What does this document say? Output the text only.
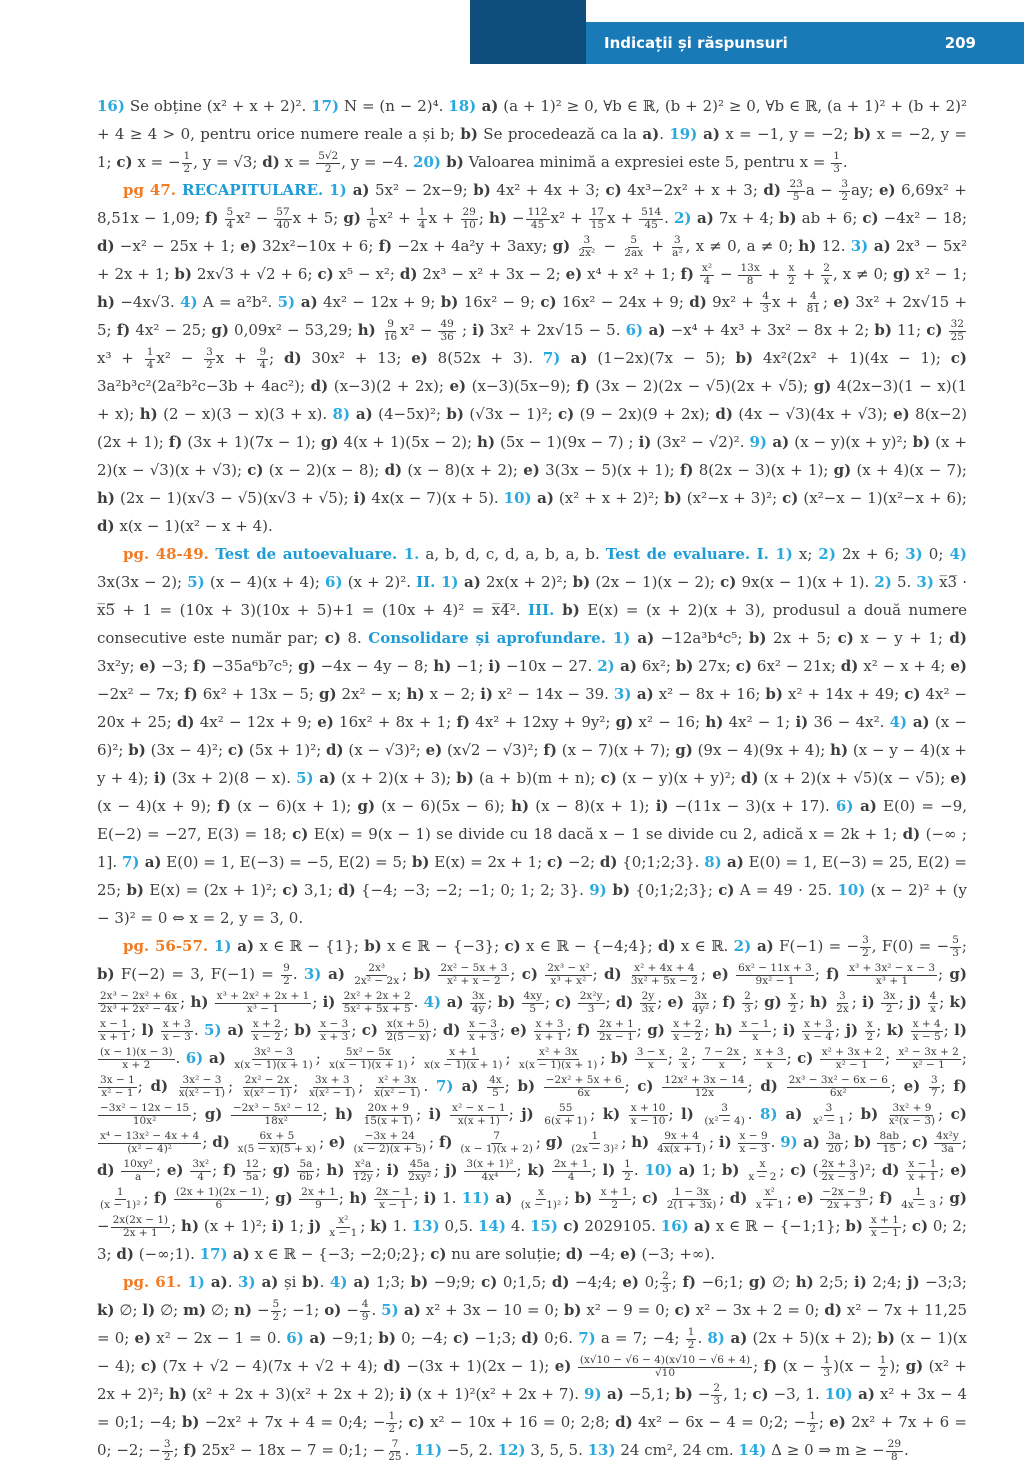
Indicații și răspunsuri	209

16) Se obține (x² + x + 2)². 17) N = (n − 2)⁴. 18) a) (a + 1)² ≥ 0, ∀b ∈ ℝ, (b + 2)² ≥ 0, ∀b ∈ ℝ, (a + 1)² + (b + 2)² + 4 ≥ 4 > 0, pentru orice numere reale a și b; b) Se procedează ca la a). 19) a) x = −1, y = −2; b) x = −2, y = 1; c) x = − $\frac{1}{2}$ , y = √3; d) $x = \frac{5√2}{2}$ , y = −4. 20) b) Valoarea minimă a expresiei este 5, pentru $x = \frac{1}{3}$ .

pg 47. RECAPITULARE. 1) a) 5x² − 2x−9; b) 4x² + 4x + 3; c) 4x³−2x² + x + 3; $d) \frac{23}{5}$ $a - \frac{3}{2}$ ay; e) 6,69x² + 8,51x − 1,09; $f) \frac{5}{4} x^2 - \frac{57}{40}$ x + 5; $g) \frac{1}{6} x^2 + \frac{1}{4}$ $x + \frac{29}{10}$ ; $h) - \frac{112}{45} x^2 + \frac{17}{15}$ $x + \frac{514}{45}$ . 2) a) 7x + 4; b) ab + 6; c) −4x² − 18; d) −x² − 25x + 1; e) 32x²−10x + 6; f) −2x + 4a²y + 3axy; $g) \frac{3}{\text{2x²}} - \frac{5}{2ax} + \frac{3}{\text{a²}}$ , x ≠ 0, a ≠ 0; h) 12. 3) a) 2x³ − 5x² + 2x + 1; b) 2x√3 + √2 + 6; c) x⁵ − x²; d) 2x³ − x² + 3x − 2; e) x⁴ + x² + 1; $f) \frac{\text{x²}}{4} - \frac{13x}{8} + \frac{x}{2} + \frac{2}{x}$ , x ≠ 0; g) x² − 1; h) −4x√3. 4) A = a²b². 5) a) 4x² − 12x + 9; b) 16x² − 9; c) 16x² − 24x + 9; d) $9x^2 + \frac{4}{3}$ $x + \frac{4}{81}$ ; e) 3x² + 2x√15 + 5; f) 4x² − 25; g) 0,09x² − 53,29; $h) \frac{9}{16} x^2 - \frac{49}{36}$ ; i) 3x² + 2x√15 − 5. 6) a) −x⁴ + 4x³ + 3x² − 8x + 2; b) 11; $c) \frac{32}{25}$
$x^3 + \frac{1}{4} x^2 - \frac{3}{2}$ $x + \frac{9}{4}$ ; d) 30x² + 13; e) 8(52x + 3). 7) a) (1−2x)(7x − 5); b) 4x²(2x² + 1)(4x − 1); c) 3a²b³c²(2a²b²c−3b + 4ac²); d) (x−3)(2 + 2x); e) (x−3)(5x−9); f) (3x − 2)(2x − √5)(2x + √5); g) 4(2x−3)(1 − x)(1 + x); h) (2 − x)(3 − x)(3 + x). 8) a) (4−5x)²; b) (√3x − 1)²; c) (9 − 2x)(9 + 2x); d) (4x − √3)(4x + √3); e) 8(x−2)(2x + 1); f) (3x + 1)(7x − 1); g) 4(x + 1)(5x − 2); h) (5x − 1)(9x − 7) ; i) (3x² − √2)². 9) a) (x − y)(x + y)²; b) (x + 2)(x − √3)(x + √3); c) (x − 2)(x − 8); d) (x − 8)(x + 2); e) 3(3x − 5)(x + 1); f) 8(2x − 3)(x + 1); g) (x + 4)(x − 7); h) (2x − 1)(x√3 − √5)(x√3 + √5); i) 4x(x − 7)(x + 5). 10) a) (x² + x + 2)²; b) (x²−x + 3)²; c) (x²−x − 1)(x²−x + 6); d) x(x − 1)(x² − x + 4).

pg. 48-49. Test de autoevaluare. 1. a, b, d, c, d, a, b, a, b. Test de evaluare. I. 1) x; 2) 2x + 6; 3) 0; 4) 3x(3x − 2); 5) (x − 4)(x + 4); 6) (x + 2)². II. 1) a) 2x(x + 2)²; b) (2x − 1)(x − 2); c) 9x(x − 1)(x + 1). 2) 5. 3) x̅3̅ · x̅5̅ + 1 = (10x + 3)(10x + 5)+1 = (10x + 4)² = x̅4̅². III. b) E(x) = (x + 2)(x + 3), produsul a două numere consecutive este număr par; c) 8. Consolidare și aprofundare. 1) a) −12a³b⁴c⁵; b) 2x + 5; c) x − y + 1; d) 3x²y; e) −3; f) −35a⁶b⁷c⁵; g) −4x − 4y − 8; h) −1; i) −10x − 27. 2) a) 6x²; b) 27x; c) 6x² − 21x; d) x² − x + 4; e) −2x² − 7x; f) 6x² + 13x − 5; g) 2x² − x; h) x − 2; i) x² − 14x − 39. 3) a) x² − 8x + 16; b) x² + 14x + 49; c) 4x² − 20x + 25; d) 4x² − 12x + 9; e) 16x² + 8x + 1; f) 4x² + 12xy + 9y²; g) x² − 16; h) 4x² − 1; i) 36 − 4x². 4) a) (x − 6)²; b) (3x − 4)²; c) (5x + 1)²; d) (x − √3)²; e) (x√2 − √3)²; f) (x − 7)(x + 7); g) (9x − 4)(9x + 4); h) (x − y − 4)(x + y + 4); i) (3x + 2)(8 − x). 5) a) (x + 2)(x + 3); b) (a + b)(m + n); c) (x − y)(x + y)²; d) (x + 2)(x + √5)(x − √5); e) (x − 4)(x + 9); f) (x − 6)(x + 1); g) (x − 6)(5x − 6); h) (x − 8)(x + 1); i) −(11x − 3)(x + 17). 6) a) E(0) = −9, E(−2) = −27, E(3) = 18; c) E(x) = 9(x − 1) se divide cu 18 dacă x − 1 se divide cu 2, adică x = 2k + 1; d) (−∞ ; 1]. 7) a) E(0) = 1, E(−3) = −5, E(2) = 5; b) E(x) = 2x + 1; c) −2; d) {0;1;2;3}. 8) a) E(0) = 1, E(−3) = 25, E(2) = 25; b) E(x) = (2x + 1)²; c) 3,1; d) {−4; −3; −2; −1; 0; 1; 2; 3}. 9) b) {0;1;2;3}; c) A = 49 · 25. 10) (x − 2)² + (y − 3)² = 0 ⇔ x = 2, y = 3, 0.

pg. 56-57. 1) a) x ∈ ℝ − {1}; b) x ∈ ℝ − {−3}; c) x ∈ ℝ − {−4;4}; d) x ∈ ℝ. 2) a) F(−1) = − $\frac{3}{2}$ , F(0) = − $\frac{5}{3}$ ; b) F(−2) = 3, $F(-1) = \frac{9}{2}$ . 3) $a) \frac{\text{2x³}}{\text{2x² − 2x}}$ ; $b) \frac{\text{2x² − 5x + 3}}{\text{x² + x − 2}}$ ; $c) \frac{\text{2x³ − x²}}{\text{x³ + x²}}$ ; $d) \frac{\text{x² + 4x + 4}}{\text{3x² + 5x − 2}}$ ; $e) \frac{\text{6x² − 11x + 3}}{\text{9x² − 1}}$ ; $f) \frac{\text{x³ + 3x² − x − 3}}{\text{x³ + 1}}$ ; g)
$\frac{\text{2x³ − 2x² + 6x}}{\text{2x³ + 2x² − 4x}}$ ; $h) \frac{\text{x³ + 2x² + 2x + 1}}{\text{x³ − 1}}$ ; $i) \frac{\text{2x² + 2x + 2}}{\text{5x² + 5x + 5}}$ . 4) $a) \frac{3x}{4y}$ ; $b) \frac{4xy}{5}$ ; $c) \frac{\text{2x²y}}{3}$ ; $d) \frac{2y}{3x}$ ; $e) \frac{3x}{\text{4y²}}$ ; $f) \frac{2}{3}$ ; $g) \frac{x}{2}$ ; $h) \frac{3}{2x}$ ; $i) \frac{3x}{2}$ ; $j) \frac{4}{x}$ ; k)
$\frac{x - 1}{x + 1}$ ; $l) \frac{x + 3}{x - 3}$ . 5) $a) \frac{x + 2}{x - 2}$ ; $b) \frac{x - 3}{x + 3}$ ; $c) \frac{x(x + 5)}{2(5 - x)}$ ; $d) \frac{x - 3}{x + 3}$ ; $e) \frac{x + 3}{x + 1}$ ; $f) \frac{2x + 1}{2x - 1}$ ; $g) \frac{x + 2}{x - 2}$ ; $h) \frac{x - 1}{x}$ ; $i) \frac{x + 3}{x - 4}$ ; $j) \frac{x}{2}$ ; $k) \frac{x + 4}{x - 5}$ ; l)
$\frac{(x - 1)(x - 3)}{x + 2}$ . 6) $a) \frac{\text{3x² − 3}}{x(x - 1)(x + 1)}$ ; $\frac{\text{5x² − 5x}}{x(x - 1)(x + 1)}$ ; $\frac{x + 1}{x(x - 1)(x + 1)}$ ; $\frac{\text{x² + 3x}}{x(x - 1)(x + 1)}$ ; $b) \frac{3 - x}{x}$ ; $\frac{2}{x}$ ; $\frac{7 - 2x}{x}$ ; $\frac{x + 3}{x}$ ; $c) \frac{\text{x² + 3x + 2}}{\text{x² − 1}}$ ; $\frac{\text{x² − 3x + 2}}{\text{x² − 1}}$ ;
$\frac{3x - 1}{\text{x² − 1}}$ ; $d) \frac{\text{3x² − 3}}{\text{x(x² − 1)}}$ ; $\frac{\text{2x² − 2x}}{\text{x(x² − 1)}}$ ; $\frac{3x + 3}{\text{x(x² − 1)}}$ ; $\frac{\text{x² + 3x}}{\text{x(x² − 1)}}$ . 7) $a) \frac{4x}{5}$ ; $b) \frac{\text{−2x² + 5x + 6}}{6x}$ ; $c) \frac{\text{12x² + 3x − 14}}{12x}$ ; $d) \frac{\text{2x³ − 3x² − 6x − 6}}{\text{6x²}}$ ; $e) \frac{3}{7}$ ; f)
$\frac{\text{−3x² − 12x − 15}}{\text{10x²}}$ ; $g) \frac{\text{−2x³ − 5x² − 12}}{\text{18x²}}$ ; $h) \frac{20x + 9}{15(x + 1)}$ ; $i) \frac{\text{x² − x − 1}}{x(x + 1)}$ ; $j) \frac{55}{6(x + 1)}$ ; $k) \frac{x + 10}{x - 10}$ ; $l) \frac{3}{\text{(x² − 4)}}$ . 8) $a) \frac{3}{\text{x² − 1}}$ ; $b) \frac{\text{3x² + 9}}{\text{x²(x − 3)}}$ ; c)
$\frac{\text{x⁴ − 13x² − 4x + 4}}{\text{(x² − 4)²}}$ ; $d) \frac{6x + 5}{x(5 - x)(5 + x)}$ ; $e) \frac{-3x + 24}{(x - 2)(x + 5)}$ ; $f) \frac{7}{(x - 1)(x + 2)}$ ; $g) \frac{1}{\text{(2x − 3)²}}$ ; $h) \frac{9x + 4}{4x(x + 1)}$ ; $i) \frac{x - 9}{x - 3}$ . 9) $a) \frac{3a}{20}$ ; $b) \frac{8ab}{15}$ ; $c) \frac{\text{4x²y}}{3a}$ ; $d) \frac{\text{10xy²}}{a}$ ; $e) \frac{\text{3x²}}{4}$ ; $f) \frac{12}{5a}$ ; $g) \frac{5a}{6b}$ ; $h) \frac{\text{x²a}}{12y}$ ; $i) \frac{45a}{\text{2xy²}}$ ; $j) \frac{\text{3(x + 1)²}}{\text{4x⁴}}$ ; $k) \frac{2x + 1}{4}$ ; $l) \frac{1}{2}$ . 10) a) 1; $b) \frac{x}{x - 2}$ ; c) ( $\frac{2x + 3}{2x - 3} )^2$; $d) \frac{x - 1}{x + 1}$ ; e)
$\frac{1}{\text{(x − 1)²}}$ ; $f) \frac{(2x + 1)(2x - 1)}{6}$ ; $g) \frac{2x + 1}{9}$ ; $h) \frac{2x - 1}{x - 1}$ ; i) 1. 11) $a) \frac{x}{\text{(x − 1)²}}$ ; $b) \frac{x + 1}{2}$ ; $c) \frac{1 - 3x}{2(1 + 3x)}$ ; $d) \frac{\text{x²}}{x + 1}$ ; $e) \frac{-2x - 9}{2x + 3}$ ; $f) \frac{1}{4x - 3}$ ; $g) - \frac{2x(2x - 1)}{2x + 1}$ ; h) (x + 1)²; i) 1; $j) \frac{\text{x²}}{x - 1}$ ; k) 1. 13) 0,5. 14) 4. 15) c) 2029105. 16) a) x ∈ ℝ − {−1;1}; $b) \frac{x + 1}{x - 1}$ ; c) 0; 2; 3; d) (−∞;1). 17) a) x ∈ ℝ − {−3; −2;0;2}; c) nu are soluție; d) −4; e) (−3; +∞).

pg. 61. 1) a). 3) a) și b). 4) a) 1;3; b) −9;9; c) 0;1,5; d) −4;4; e) 0; $\frac{2}{3}$ ; f) −6;1; g) ∅; h) 2;5; i) 2;4; j) −3;3; k) ∅; l) ∅; m) ∅; $n) - \frac{5}{2}$ ; −1; $o) - \frac{4}{9}$ . 5) a) x² + 3x − 10 = 0; b) x² − 9 = 0; c) x² − 3x + 2 = 0; d) x² − 7x + 11,25 = 0; e) x² − 2x − 1 = 0. 6) a) −9;1; b) 0; −4; c) −1;3; d) 0;6. 7) a = 7; −4; $\frac{1}{2}$ . 8) a) (2x + 5)(x + 2); b) (x − 1)(x − 4); c) (7x + √2 − 4)(7x + √2 + 4); d) −(3x + 1)(2x − 1); $e) \frac{(x√10 - √6 - 4)(x√10 - √6 + 4)}{√10}$ ; f) $(x - \frac{1}{3} )(x - \frac{1}{2}$ ); g) (x² + 2x + 2)²; h) (x² + 2x + 3)(x² + 2x + 2); i) (x + 1)²(x² + 2x + 7). 9) a) −5,1; $b) - \frac{2}{3}$ , 1; c) −3, 1. 10) a) x² + 3x − 4 = 0;1; −4; b) −2x² + 7x + 4 = 0;4; − $\frac{1}{2}$ ; c) x² − 10x + 16 = 0; 2;8; d) 4x² − 6x − 4 = 0;2; − $\frac{1}{2}$ ; e) 2x² + 7x + 6 = 0; −2; − $\frac{3}{2}$ ; f) 25x² − 18x − 7 = 0;1; − $\frac{7}{25}$ . 11) −5, 2. 12) 3, 5, 5. 13) 24 cm², 24 cm. 14) Δ ≥ 0 ⇒ m ≥ − $\frac{29}{8}$ .
